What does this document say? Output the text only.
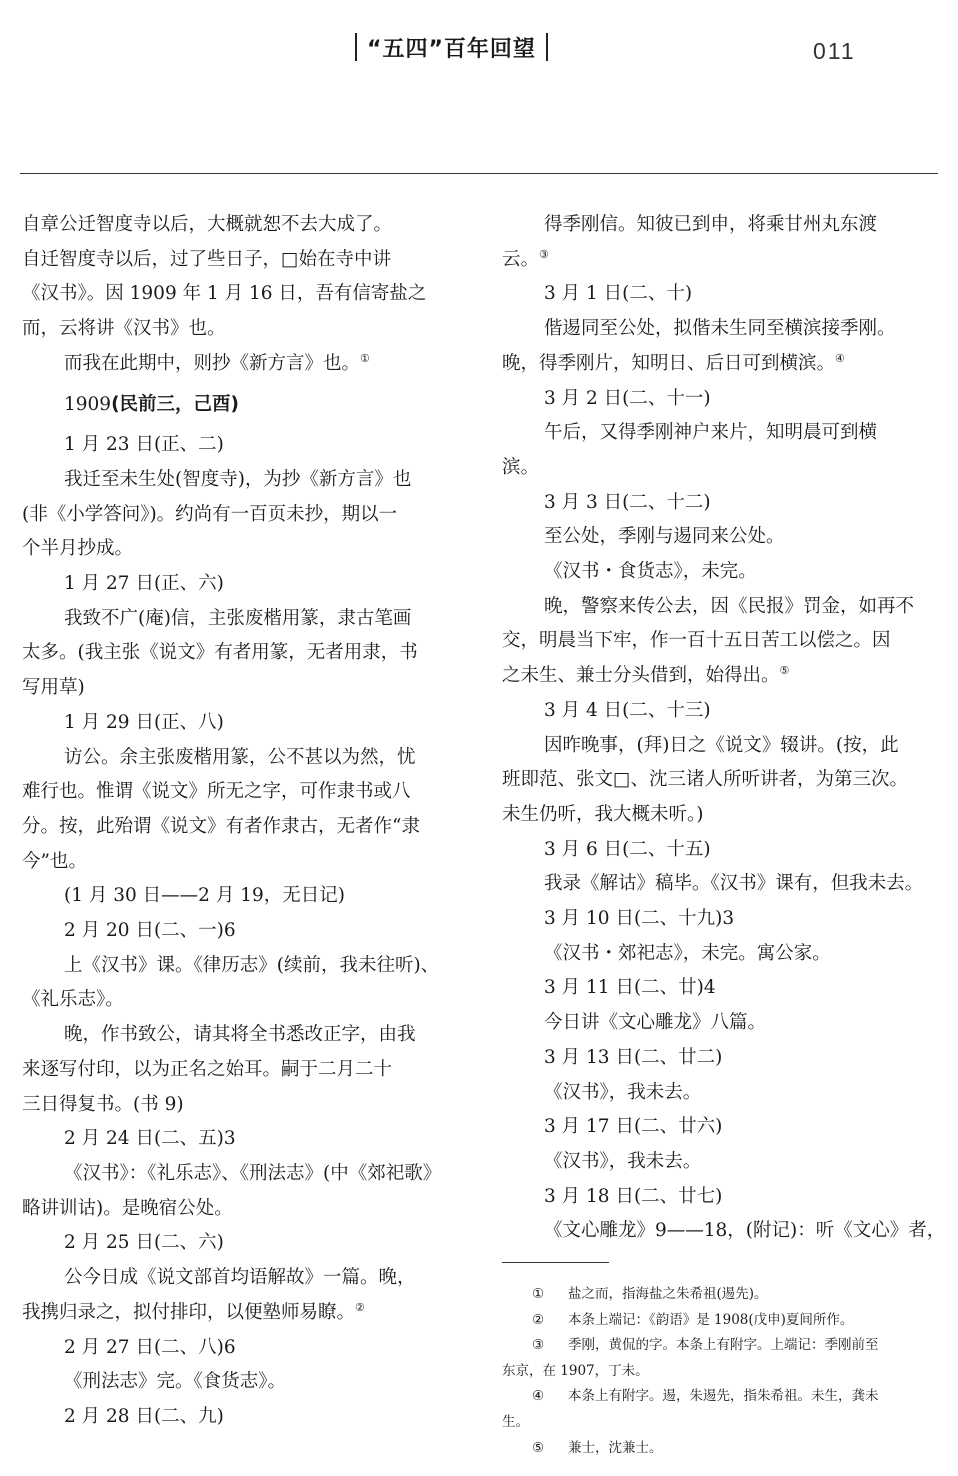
“五四”百年回望	011

自章公迁智度寺以后，大概就恕不去大成了。

自迁智度寺以后，过了些日子，□始在寺中讲

《汉书》。因 1909 年 1 月 16 日，吾有信寄盐之

而，云将讲《汉书》也。

而我在此期中，则抄《新方言》也。①

1909(民前三，己酉)

1 月 23 日(正、二)

我迁至未生处(智度寺)，为抄《新方言》也

(非《小学答问》)。约尚有一百页未抄，期以一

个半月抄成。

1 月 27 日(正、六)

我致不广(庵)信，主张废楷用篆，隶古笔画

太多。(我主张《说文》有者用篆，无者用隶，书

写用草)

1 月 29 日(正、八)

访公。余主张废楷用篆，公不甚以为然，忧

难行也。惟谓《说文》所无之字，可作隶书或八

分。按，此殆谓《说文》有者作隶古，无者作“隶

今”也。

(1 月 30 日——2 月 19，无日记)

2 月 20 日(二、一)6

上《汉书》课。《律历志》(续前，我未往听)、

《礼乐志》。

晚，作书致公，请其将全书悉改正字，由我

来逐写付印，以为正名之始耳。嗣于二月二十

三日得复书。(书 9)

2 月 24 日(二、五)3

《汉书》：《礼乐志》、《刑法志》(中《郊祀歌》

略讲训诂)。是晚宿公处。

2 月 25 日(二、六)

公今日成《说文部首均语解故》一篇。晚，

我携归录之，拟付排印，以便塾师易瞭。②

2 月 27 日(二、八)6

《刑法志》完。《食货志》。

2 月 28 日(二、九)

得季刚信。知彼已到申，将乘甘州丸东渡

云。③

3 月 1 日(二、十)

偕逷同至公处，拟偕未生同至横滨接季刚。

晚，得季刚片，知明日、后日可到横滨。④

3 月 2 日(二、十一)

午后，又得季刚神户来片，知明晨可到横

滨。

3 月 3 日(二、十二)

至公处，季刚与逷同来公处。

《汉书・食货志》，未完。

晚，警察来传公去，因《民报》罚金，如再不

交，明晨当下牢，作一百十五日苦工以偿之。因

之未生、兼士分头借到，始得出。⑤

3 月 4 日(二、十三)

因昨晚事，(拜)日之《说文》辍讲。(按，此

班即范、张文□、沈三诸人所听讲者，为第三次。

未生仍听，我大概未听。)

3 月 6 日(二、十五)

我录《解诂》稿毕。《汉书》课有，但我未去。

3 月 10 日(二、十九)3

《汉书・郊祀志》，未完。寓公家。

3 月 11 日(二、廿)4

今日讲《文心雕龙》八篇。

3 月 13 日(二、廿二)

《汉书》，我未去。

3 月 17 日(二、廿六)

《汉书》，我未去。

3 月 18 日(二、廿七)

《文心雕龙》9——18，(附记)：听《文心》者，

① 盐之而，指海盐之朱希祖(逷先)。

② 本条上端记：《韵语》是 1908(戊申)夏间所作。

③ 季刚，黄侃的字。本条上有附字。上端记：季刚前至

东京，在 1907，丁未。

④ 本条上有附字。逷，朱逷先，指朱希祖。未生，龚未

生。

⑤ 兼士，沈兼士。
